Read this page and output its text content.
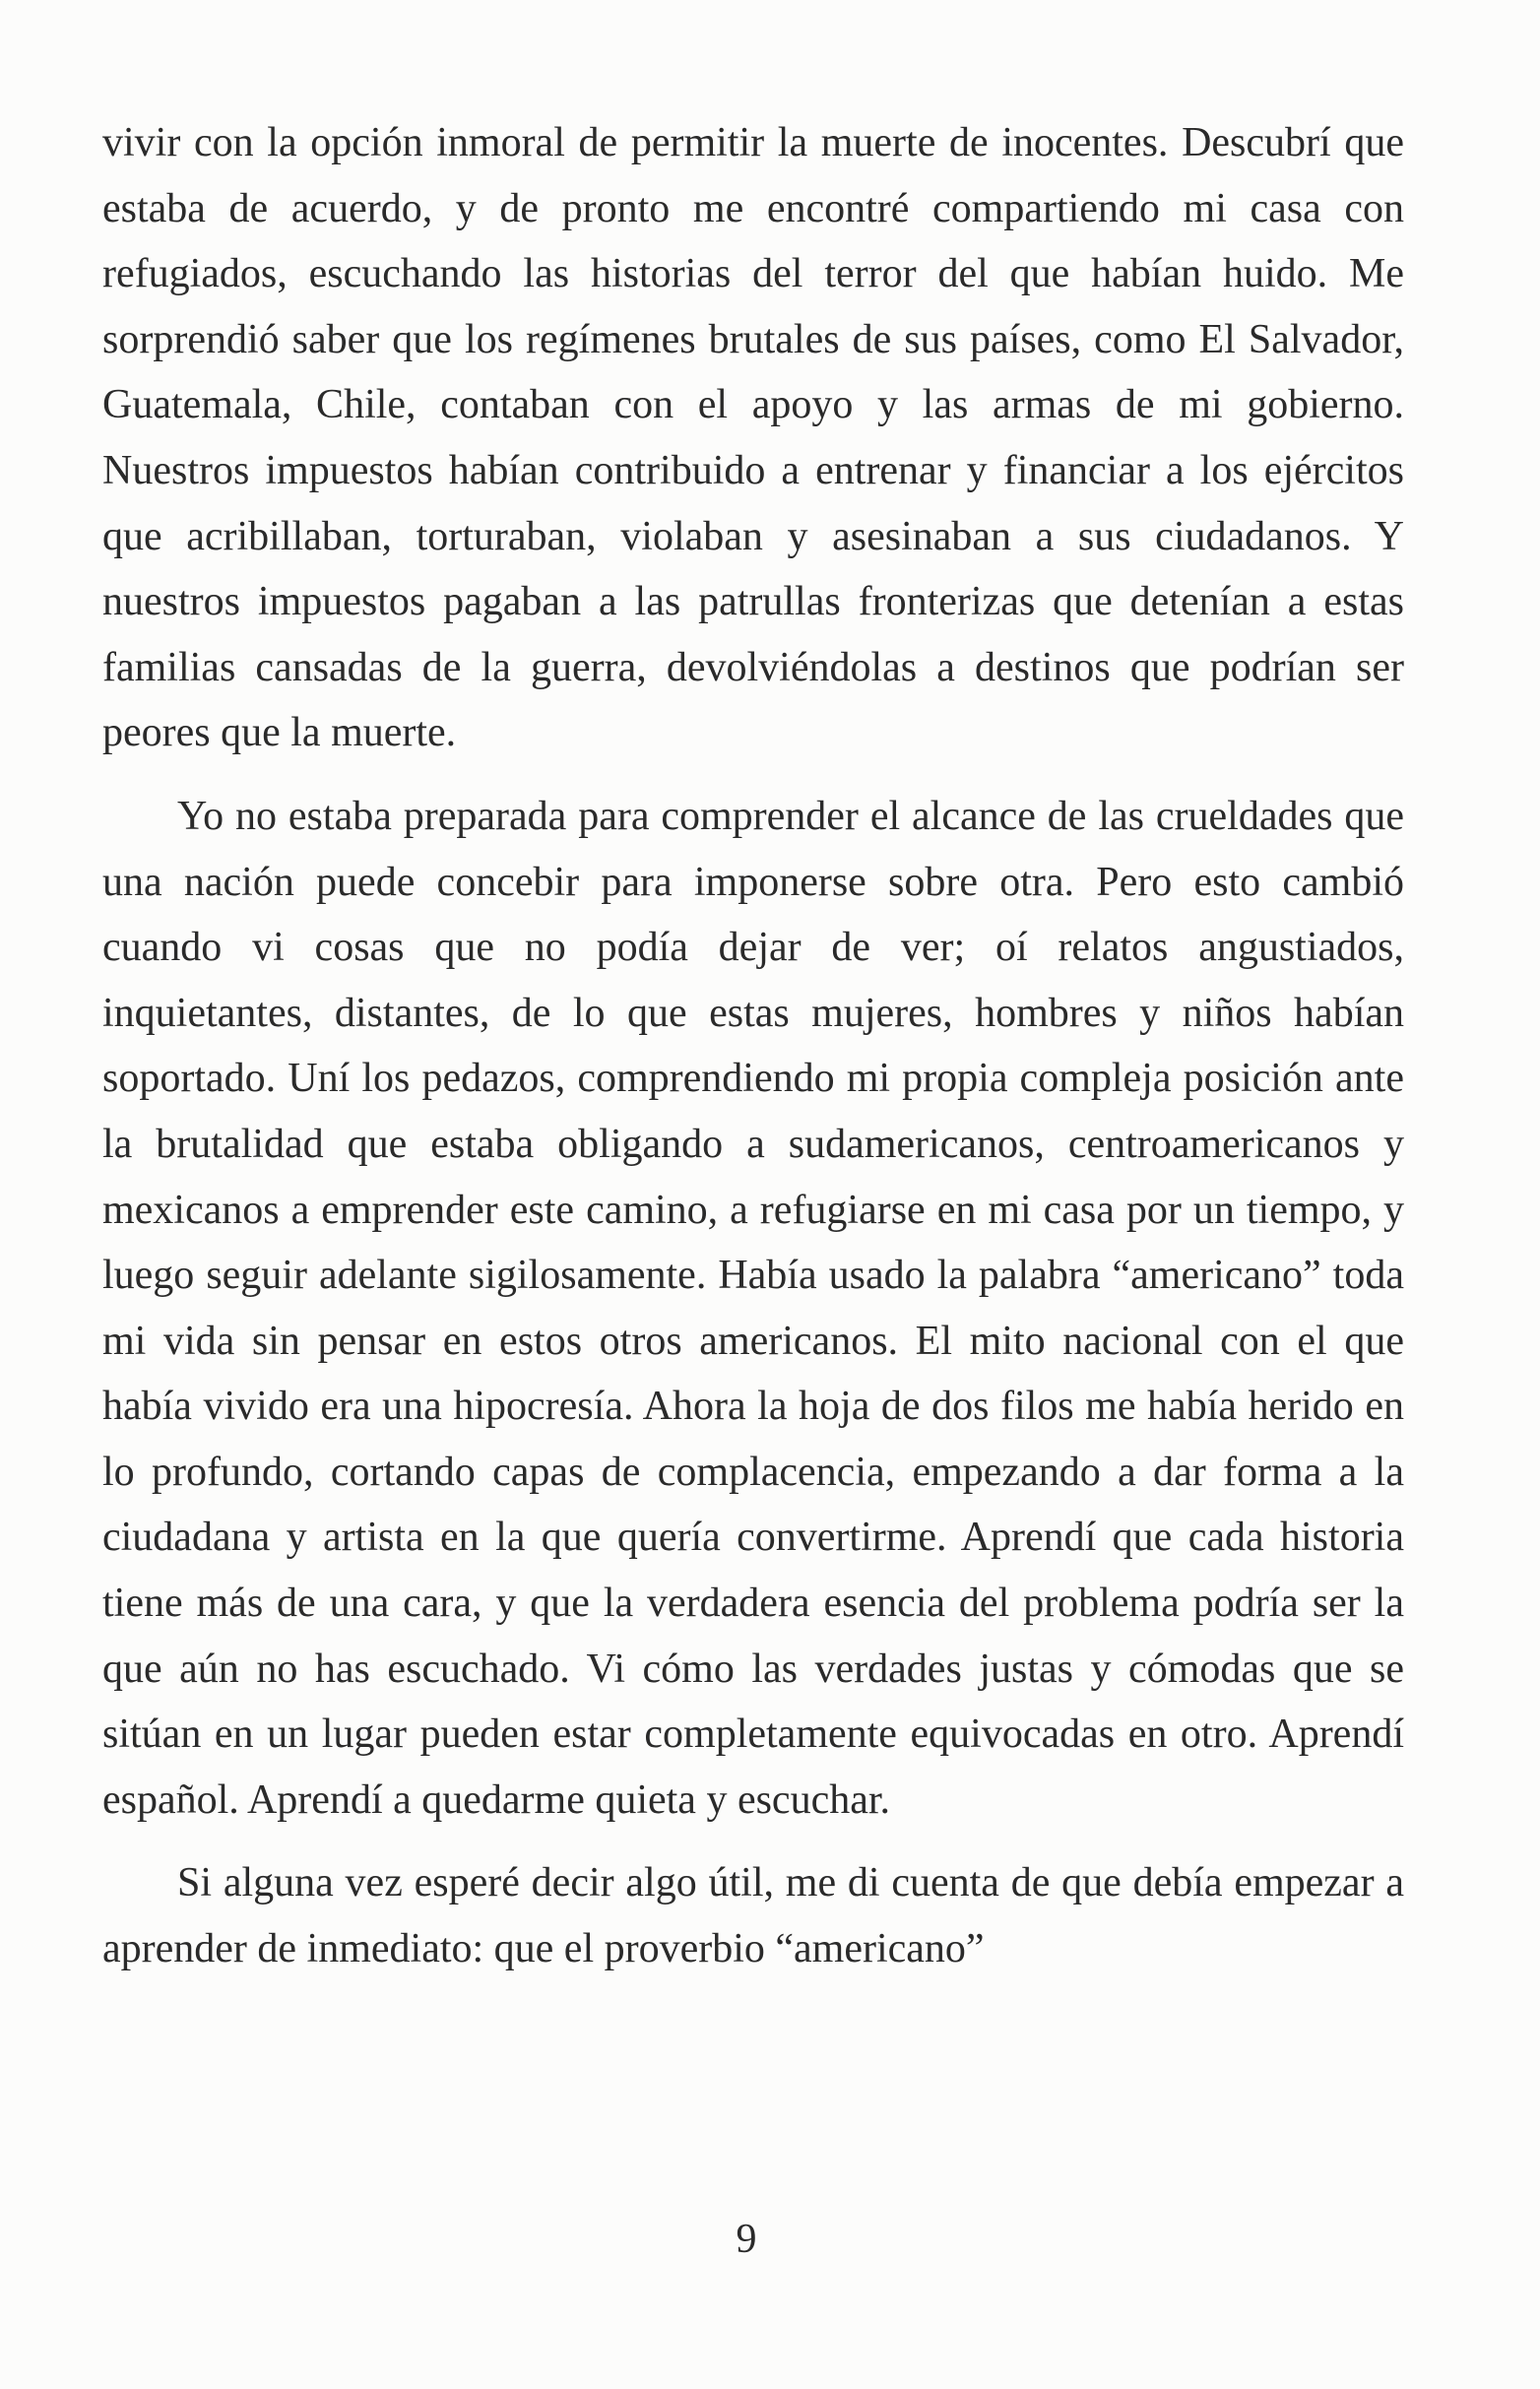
vivir con la opción inmoral de permitir la muerte de inocentes. Descubrí que estaba de acuerdo, y de pronto me encontré compartiendo mi casa con refugiados, escuchando las historias del terror del que habían huido. Me sorprendió saber que los regímenes brutales de sus países, como El Salvador, Guatemala, Chile, contaban con el apoyo y las armas de mi gobierno. Nuestros impuestos habían contribuido a entrenar y financiar a los ejércitos que acribillaban, torturaban, violaban y asesinaban a sus ciudadanos. Y nuestros impuestos pagaban a las patrullas fronterizas que detenían a estas familias cansadas de la guerra, devolviéndolas a destinos que podrían ser peores que la muerte.

Yo no estaba preparada para comprender el alcance de las crueldades que una nación puede concebir para imponerse sobre otra. Pero esto cambió cuando vi cosas que no podía dejar de ver; oí relatos angustiados, inquietantes, distantes, de lo que estas mujeres, hombres y niños habían soportado. Uní los pedazos, comprendiendo mi propia compleja posición ante la brutalidad que estaba obligando a sudamericanos, centroamericanos y mexicanos a emprender este camino, a refugiarse en mi casa por un tiempo, y luego seguir adelante sigilosamente. Había usado la palabra “americano” toda mi vida sin pensar en estos otros americanos. El mito nacional con el que había vivido era una hipocresía. Ahora la hoja de dos filos me había herido en lo profundo, cortando capas de complacencia, empezando a dar forma a la ciudadana y artista en la que quería convertirme. Aprendí que cada historia tiene más de una cara, y que la verdadera esencia del problema podría ser la que aún no has escuchado. Vi cómo las verdades justas y cómodas que se sitúan en un lugar pueden estar completamente equivocadas en otro. Aprendí español. Aprendí a quedarme quieta y escuchar.

Si alguna vez esperé decir algo útil, me di cuenta de que debía empezar a aprender de inmediato: que el proverbio “americano”

9
